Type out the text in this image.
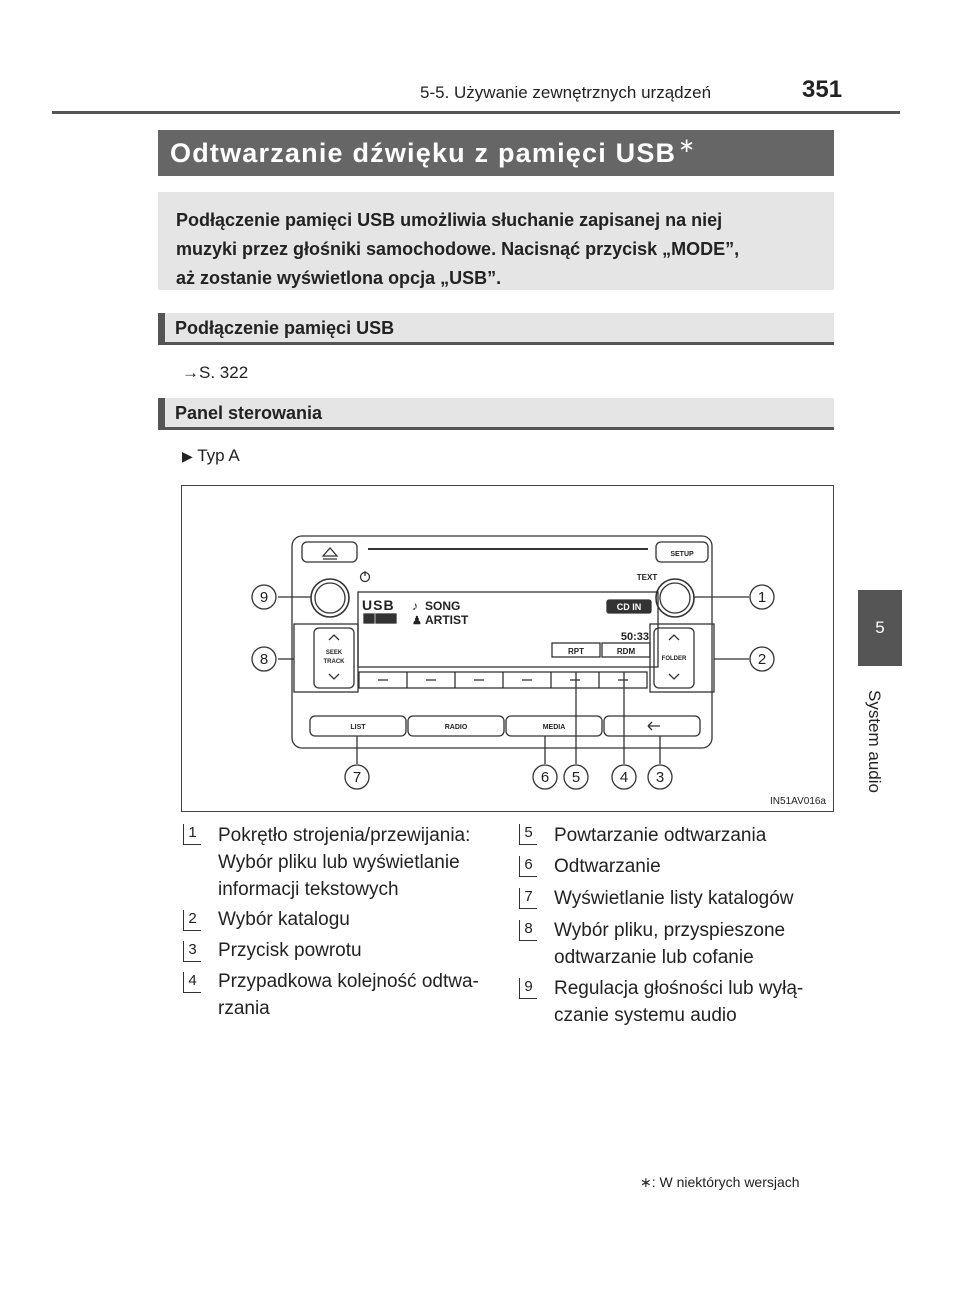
5-5. Używanie zewnętrznych urządzeń	351
5
System audio
Odtwarzanie dźwięku z pamięci USB∗
Podłączenie pamięci USB umożliwia słuchanie zapisanej na niej
muzyki przez głośniki samochodowe. Nacisnąć przycisk „MODE”,
aż zostanie wyświetlona opcja „USB”.
Podłączenie pamięci USB
→S. 322
Panel sterowania
▶ Typ A
9	1
8	2
7	6 5	4 3
USB ♪ SONG
♟ ARTIST
CD IN
50:33
RPT	RDM
TEXT
SETUP
SEEK
TRACK	FOLDER
LIST	RADIO	MEDIA
IN51AV016a
1 Pokrętło strojenia/przewijania:
Wybór pliku lub wyświetlanie
informacji tekstowych
2 Wybór katalogu
3 Przycisk powrotu
4 Przypadkowa kolejność odtwa-
rzania
5 Powtarzanie odtwarzania
6 Odtwarzanie
7 Wyświetlanie listy katalogów
8 Wybór pliku, przyspieszone
odtwarzanie lub cofanie
9 Regulacja głośności lub wyłą-
czanie systemu audio
∗: W niektórych wersjach
